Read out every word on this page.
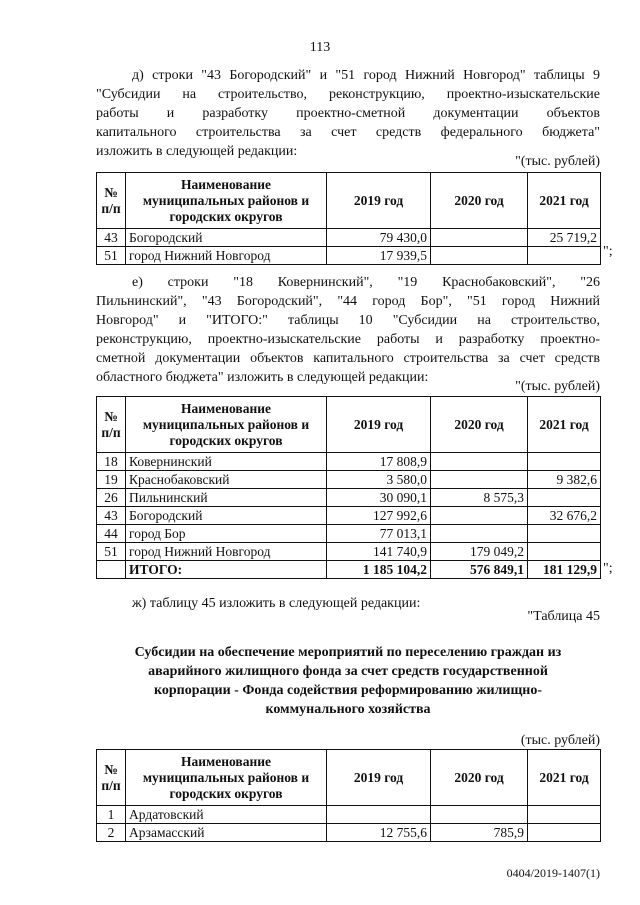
113
д) строки "43 Богородский" и "51 город Нижний Новгород" таблицы 9
"Субсидии на строительство, реконструкцию, проектно-изыскательские
работы и разработку проектно-сметной документации объектов
капитального строительства за счет средств федерального бюджета"
изложить в следующей редакции:
"(тыс. рублей)
№ п/п	Наименование муниципальных районов и городских округов	2019 год	2020 год	2021 год
43	Богородский	79 430,0		25 719,2
51	город Нижний Новгород	17 939,5			";
е) строки "18 Ковернинский", "19 Краснобаковский", "26
Пильнинский", "43 Богородский", "44 город Бор", "51 город Нижний
Новгород" и "ИТОГО:" таблицы 10 "Субсидии на строительство,
реконструкцию, проектно-изыскательские работы и разработку проектно-
сметной документации объектов капитального строительства за счет средств
областного бюджета" изложить в следующей редакции:
"(тыс. рублей)
№ п/п	Наименование муниципальных районов и городских округов	2019 год	2020 год	2021 год
18	Ковернинский	17 808,9		
19	Краснобаковский	3 580,0		9 382,6
26	Пильнинский	30 090,1	8 575,3	
43	Богородский	127 992,6		32 676,2
44	город Бор	77 013,1		
51	город Нижний Новгород	141 740,9	179 049,2	
	ИТОГО:	1 185 104,2	576 849,1	181 129,9 ";
ж) таблицу 45 изложить в следующей редакции:
"Таблица 45
Субсидии на обеспечение мероприятий по переселению граждан из
аварийного жилищного фонда за счет средств государственной
корпорации - Фонда содействия реформированию жилищно-
коммунального хозяйства
(тыс. рублей)
№ п/п	Наименование муниципальных районов и городских округов	2019 год	2020 год	2021 год
1	Ардатовский			
2	Арзамасский	12 755,6	785,9	
0404/2019-1407(1)
